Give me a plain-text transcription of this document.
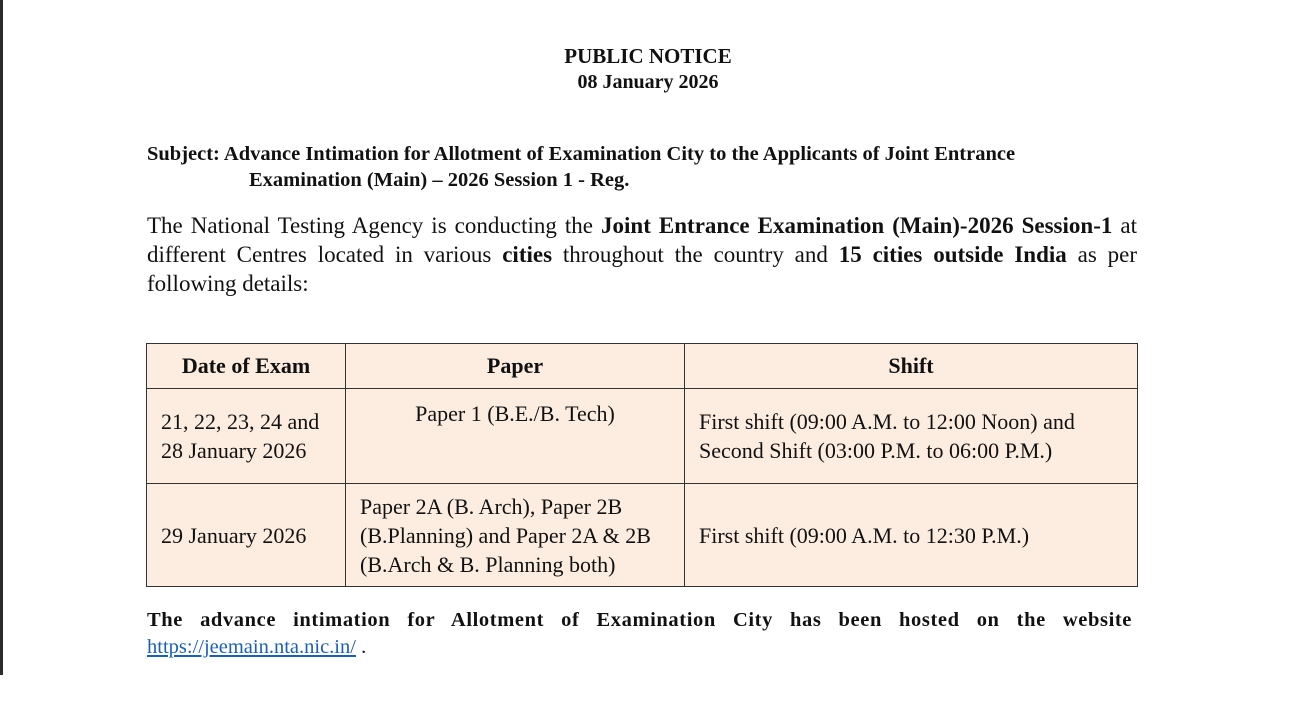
PUBLIC NOTICE
08 January 2026
Subject: Advance Intimation for Allotment of Examination City to the Applicants of Joint Entrance
Examination (Main) – 2026 Session 1 - Reg.
The National Testing Agency is conducting the Joint Entrance Examination (Main)-2026 Session-1 at different Centres located in various cities throughout the country and 15 cities outside India as per following details:
Date of Exam	Paper	Shift
21, 22, 23, 24 and 28 January 2026	Paper 1 (B.E./B. Tech)	First shift (09:00 A.M. to 12:00 Noon) and Second Shift (03:00 P.M. to 06:00 P.M.)
29 January 2026	Paper 2A (B. Arch), Paper 2B (B.Planning) and Paper 2A & 2B (B.Arch & B. Planning both)	First shift (09:00 A.M. to 12:30 P.M.)
The advance intimation for Allotment of Examination City has been hosted on the website
https://jeemain.nta.nic.in/ .
